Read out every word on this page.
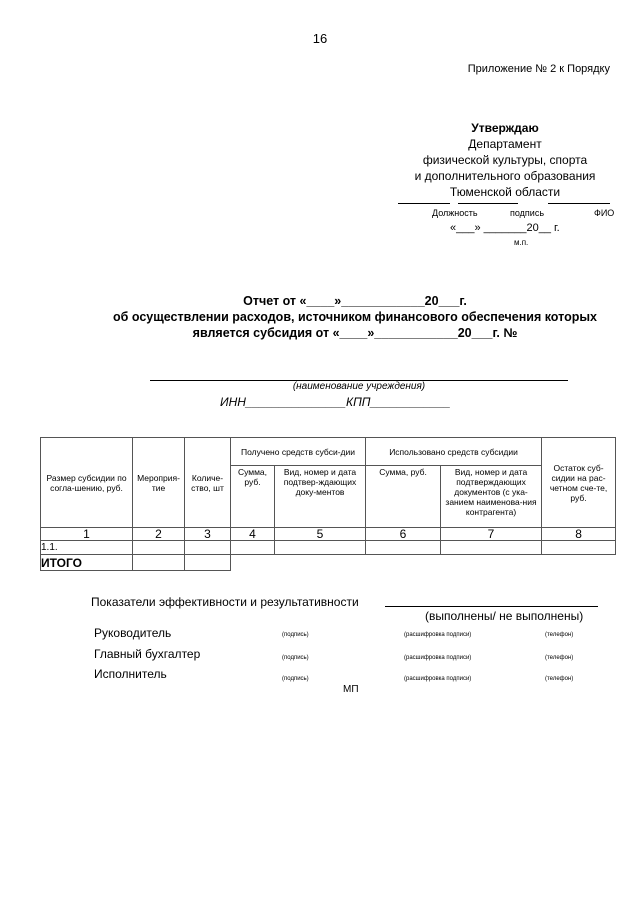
16
Приложение № 2 к Порядку
Утверждаю
Департамент
физической культуры, спорта
и дополнительного образования
Тюменской области
Должность	подпись	ФИО
«___» _______20__ г.
м.п.
Отчет от «____»____________20___г.
об осуществлении расходов, источником финансового обеспечения которых
является субсидия от «____»____________20___г. №
(наименование учреждения)
ИНН_______________КПП____________
Размер субсидии по согла-шению, руб.	Мероприя-тие	Количе-ство, шт	Получено средств субси-дии		Использовано средств субсидии		Остаток суб-сидии на рас-четном сче-те, руб.
			Сумма, руб.	Вид, номер и дата подтвер-ждающих доку-ментов	Сумма, руб.	Вид, номер и дата подтверждающих документов (с ука-занием наименова-ния контрагента)	
1	2	3	4	5	6	7	8
1.1.							
ИТОГО							
Показатели эффективности и результативности
(выполнены/ не выполнены)
Руководитель	(подпись)	(расшифровка подписи)	(телефон)
Главный бухгалтер	(подпись)	(расшифровка подписи)	(телефон)
Исполнитель	(подпись)	(расшифровка подписи)	(телефон)
МП
